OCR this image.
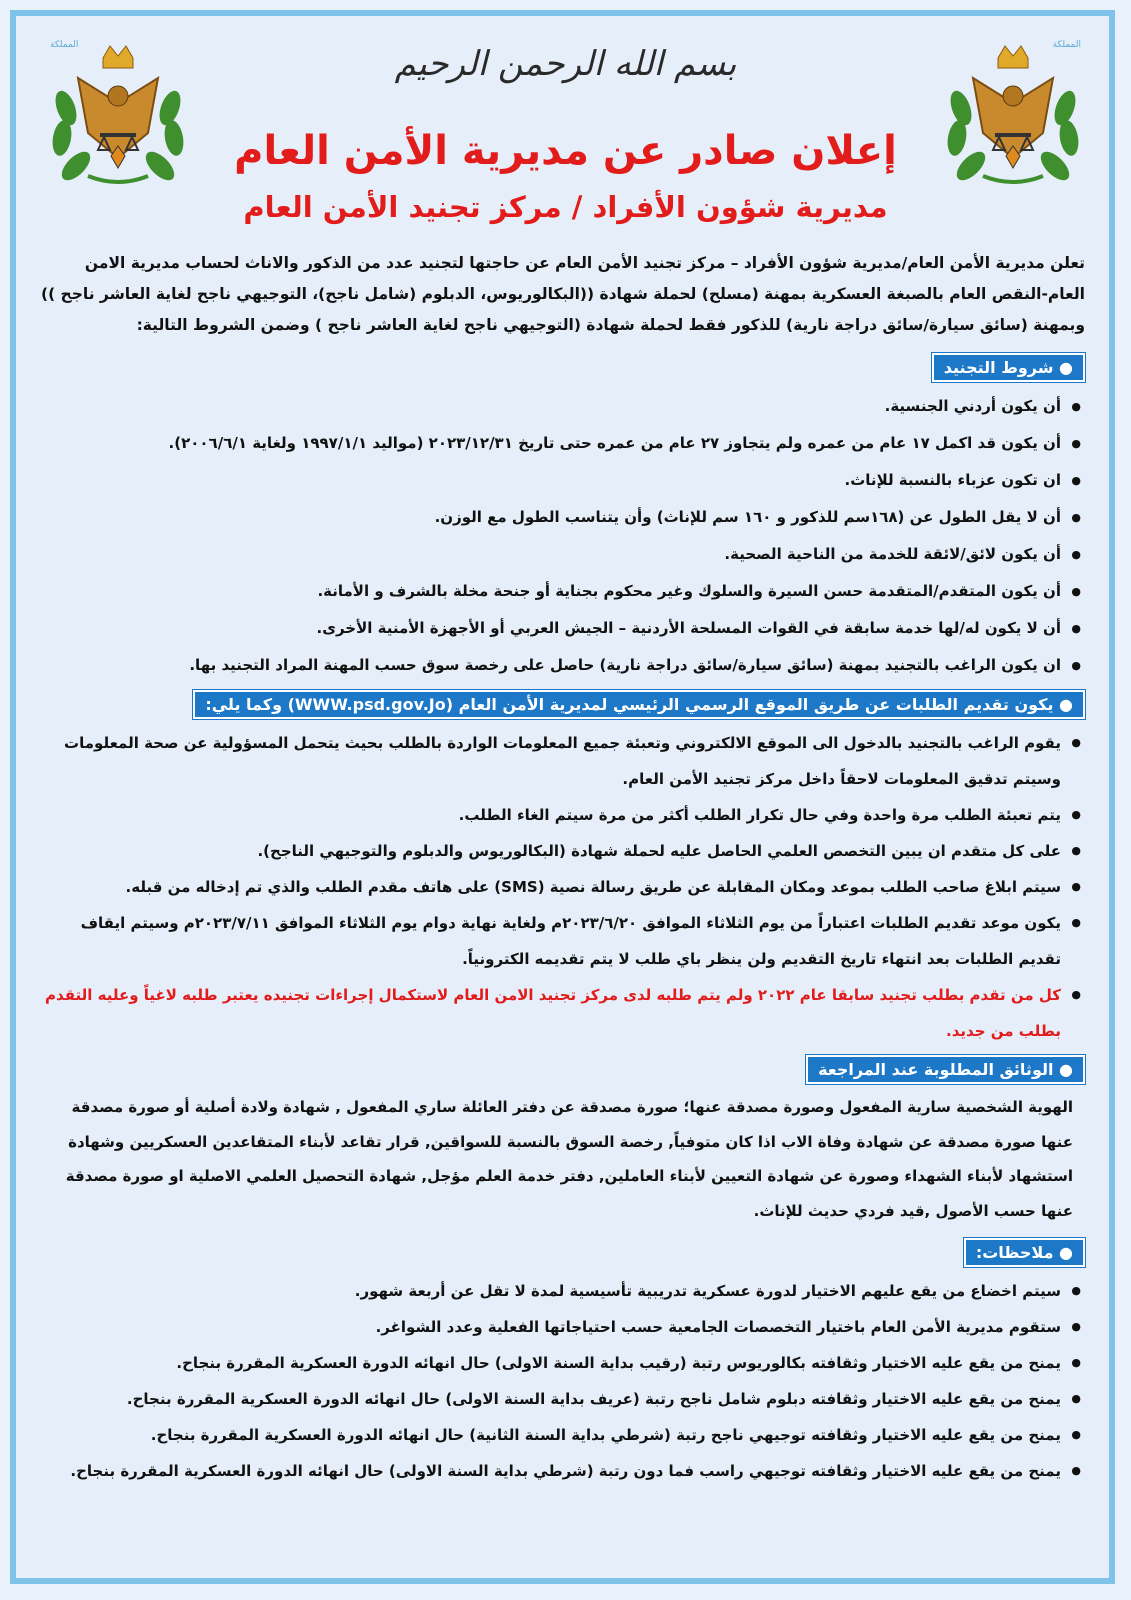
المملكة	المملكة
بسم الله الرحمن الرحيم
إعلان صادر عن مديرية الأمن العام
مديرية شؤون الأفراد / مركز تجنيد الأمن العام

تعلن مديرية الأمن العام/مديرية شؤون الأفراد – مركز تجنيد الأمن العام عن حاجتها لتجنيد عدد من الذكور والاناث لحساب مديرية الامن العام-النقص العام بالصبغة العسكرية بمهنة (مسلح) لحملة شهادة ((البكالوريوس، الدبلوم (شامل ناجح)، التوجيهي ناجح لغاية العاشر ناجح )) وبمهنة (سائق سيارة/سائق دراجة نارية) للذكور فقط لحملة شهادة (التوجيهي ناجح لغاية العاشر ناجح ) وضمن الشروط التالية:

● شروط التجنيد
● أن يكون أردني الجنسية.
● أن يكون قد اكمل ١٧ عام من عمره ولم يتجاوز ٢٧ عام من عمره حتى تاريخ ٢٠٢٣/١٢/٣١ (مواليد ١٩٩٧/١/١ ولغاية ٢٠٠٦/٦/١).
● ان تكون عزباء بالنسبة للإناث.
● أن لا يقل الطول عن (١٦٨سم للذكور و ١٦٠ سم للإناث) وأن يتناسب الطول مع الوزن.
● أن يكون لائق/لائقة للخدمة من الناحية الصحية.
● أن يكون المتقدم/المتقدمة حسن السيرة والسلوك وغير محكوم بجناية أو جنحة مخلة بالشرف و الأمانة.
● أن لا يكون له/لها خدمة سابقة في القوات المسلحة الأردنية – الجيش العربي أو الأجهزة الأمنية الأخرى.
● ان يكون الراغب بالتجنيد بمهنة (سائق سيارة/سائق دراجة نارية) حاصل على رخصة سوق حسب المهنة المراد التجنيد بها.
● يكون تقديم الطلبات عن طريق الموقع الرسمي الرئيسي لمديرية الأمن العام (WWW.psd.gov.Jo) وكما يلي:
● يقوم الراغب بالتجنيد بالدخول الى الموقع الالكتروني وتعبئة جميع المعلومات الواردة بالطلب بحيث يتحمل المسؤولية عن صحة المعلومات وسيتم تدقيق المعلومات لاحقاً داخل مركز تجنيد الأمن العام.
● يتم تعبئة الطلب مرة واحدة وفي حال تكرار الطلب أكثر من مرة سيتم الغاء الطلب.
● على كل متقدم ان يبين التخصص العلمي الحاصل عليه لحملة شهادة (البكالوريوس والدبلوم والتوجيهي الناجح).
● سيتم ابلاغ صاحب الطلب بموعد ومكان المقابلة عن طريق رسالة نصية (SMS) على هاتف مقدم الطلب والذي تم إدخاله من قبله.
● يكون موعد تقديم الطلبات اعتباراً من يوم الثلاثاء الموافق ٢٠٢٣/٦/٢٠م ولغاية نهاية دوام يوم الثلاثاء الموافق ٢٠٢٣/٧/١١م وسيتم ايقاف تقديم الطلبات بعد انتهاء تاريخ التقديم ولن ينظر باي طلب لا يتم تقديمه الكترونياً.
● كل من تقدم بطلب تجنيد سابقا عام ٢٠٢٢ ولم يتم طلبه لدى مركز تجنيد الامن العام لاستكمال إجراءات تجنيده يعتبر طلبه لاغياً وعليه التقدم بطلب من جديد.
● الوثائق المطلوبة عند المراجعة

الهوية الشخصية سارية المفعول وصورة مصدقة عنها؛ صورة مصدقة عن دفتر العائلة ساري المفعول , شهادة ولادة أصلية أو صورة مصدقة عنها صورة مصدقة عن شهادة وفاة الاب اذا كان متوفياً, رخصة السوق بالنسبة للسواقين, قرار تقاعد لأبناء المتقاعدين العسكريين وشهادة استشهاد لأبناء الشهداء وصورة عن شهادة التعيين لأبناء العاملين, دفتر خدمة العلم مؤجل, شهادة التحصيل العلمي الاصلية او صورة مصدقة عنها حسب الأصول ,قيد فردي حديث للإناث.

● ملاحظات:
● سيتم اخضاع من يقع عليهم الاختيار لدورة عسكرية تدريبية تأسيسية لمدة لا تقل عن أربعة شهور.
● ستقوم مديرية الأمن العام باختيار التخصصات الجامعية حسب احتياجاتها الفعلية وعدد الشواغر.
● يمنح من يقع عليه الاختيار وثقافته بكالوريوس رتبة (رقيب بداية السنة الاولى) حال انهائه الدورة العسكرية المقررة بنجاح.
● يمنح من يقع عليه الاختيار وثقافته دبلوم شامل ناجح رتبة (عريف بداية السنة الاولى) حال انهائه الدورة العسكرية المقررة بنجاح.
● يمنح من يقع عليه الاختيار وثقافته توجيهي ناجح رتبة (شرطي بداية السنة الثانية) حال انهائه الدورة العسكرية المقررة بنجاح.
● يمنح من يقع عليه الاختيار وثقافته توجيهي راسب فما دون رتبة (شرطي بداية السنة الاولى) حال انهائه الدورة العسكرية المقررة بنجاح.
